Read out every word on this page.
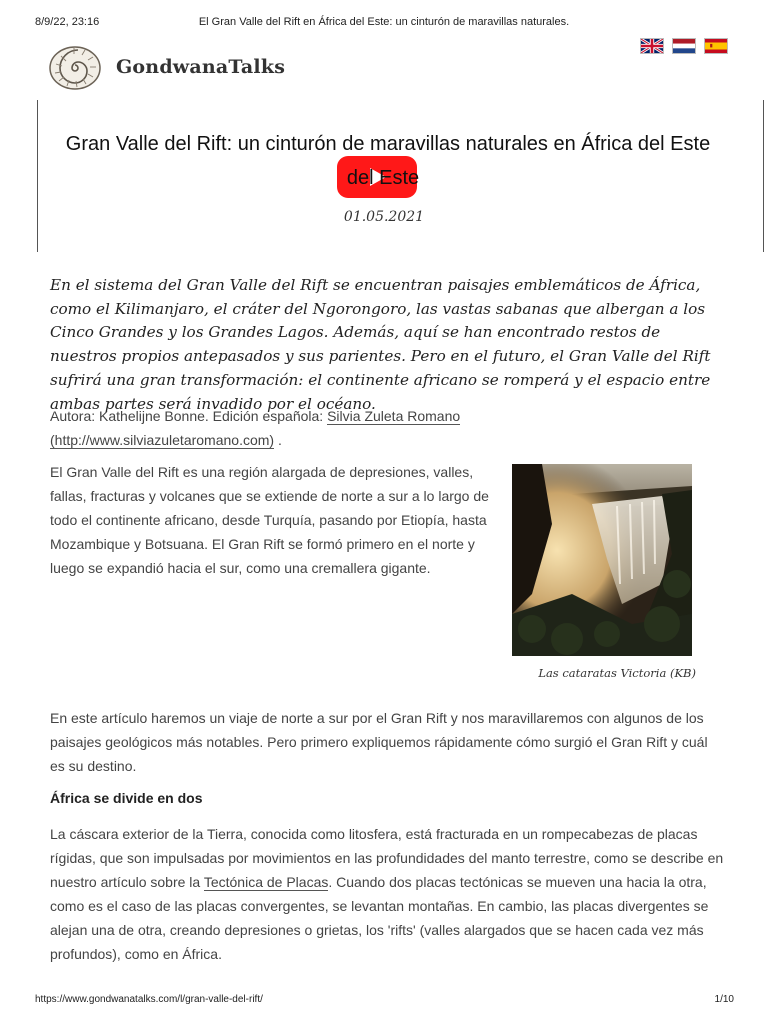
8/9/22, 23:16	El Gran Valle del Rift en África del Este: un cinturón de maravillas naturales.
GondwanaTalks
Gran Valle del Rift: un cinturón de maravillas naturales en África del Este
del Este
01.05.2021

En el sistema del Gran Valle del Rift se encuentran paisajes emblemáticos de África, como el Kilimanjaro, el cráter del Ngorongoro, las vastas sabanas que albergan a los Cinco Grandes y los Grandes Lagos. Además, aquí se han encontrado restos de nuestros propios antepasados y sus parientes. Pero en el futuro, el Gran Valle del Rift sufrirá una gran transformación: el continente africano se romperá y el espacio entre ambas partes será invadido por el océano.

Autora: Kathelijne Bonne. Edición española: Silvia Zuleta Romano
(http://www.silviazuletaromano.com) .

El Gran Valle del Rift es una región alargada de depresiones, valles, fallas, fracturas y volcanes que se extiende de norte a sur a lo largo de todo el continente africano, desde Turquía, pasando por Etiopía, hasta Mozambique y Botsuana. El Gran Rift se formó primero en el norte y luego se expandió hacia el sur, como una cremallera gigante.

Las cataratas Victoria (KB)

En este artículo haremos un viaje de norte a sur por el Gran Rift y nos maravillaremos con algunos de los paisajes geológicos más notables. Pero primero expliquemos rápidamente cómo surgió el Gran Rift y cuál es su destino.

África se divide en dos

La cáscara exterior de la Tierra, conocida como litosfera, está fracturada en un rompecabezas de placas rígidas, que son impulsadas por movimientos en las profundidades del manto terrestre, como se describe en nuestro artículo sobre la Tectónica de Placas. Cuando dos placas tectónicas se mueven una hacia la otra, como es el caso de las placas convergentes, se levantan montañas. En cambio, las placas divergentes se alejan una de otra, creando depresiones o grietas, los 'rifts' (valles alargados que se hacen cada vez más profundos), como en África.

https://www.gondwanatalks.com/l/gran-valle-del-rift/	1/10
